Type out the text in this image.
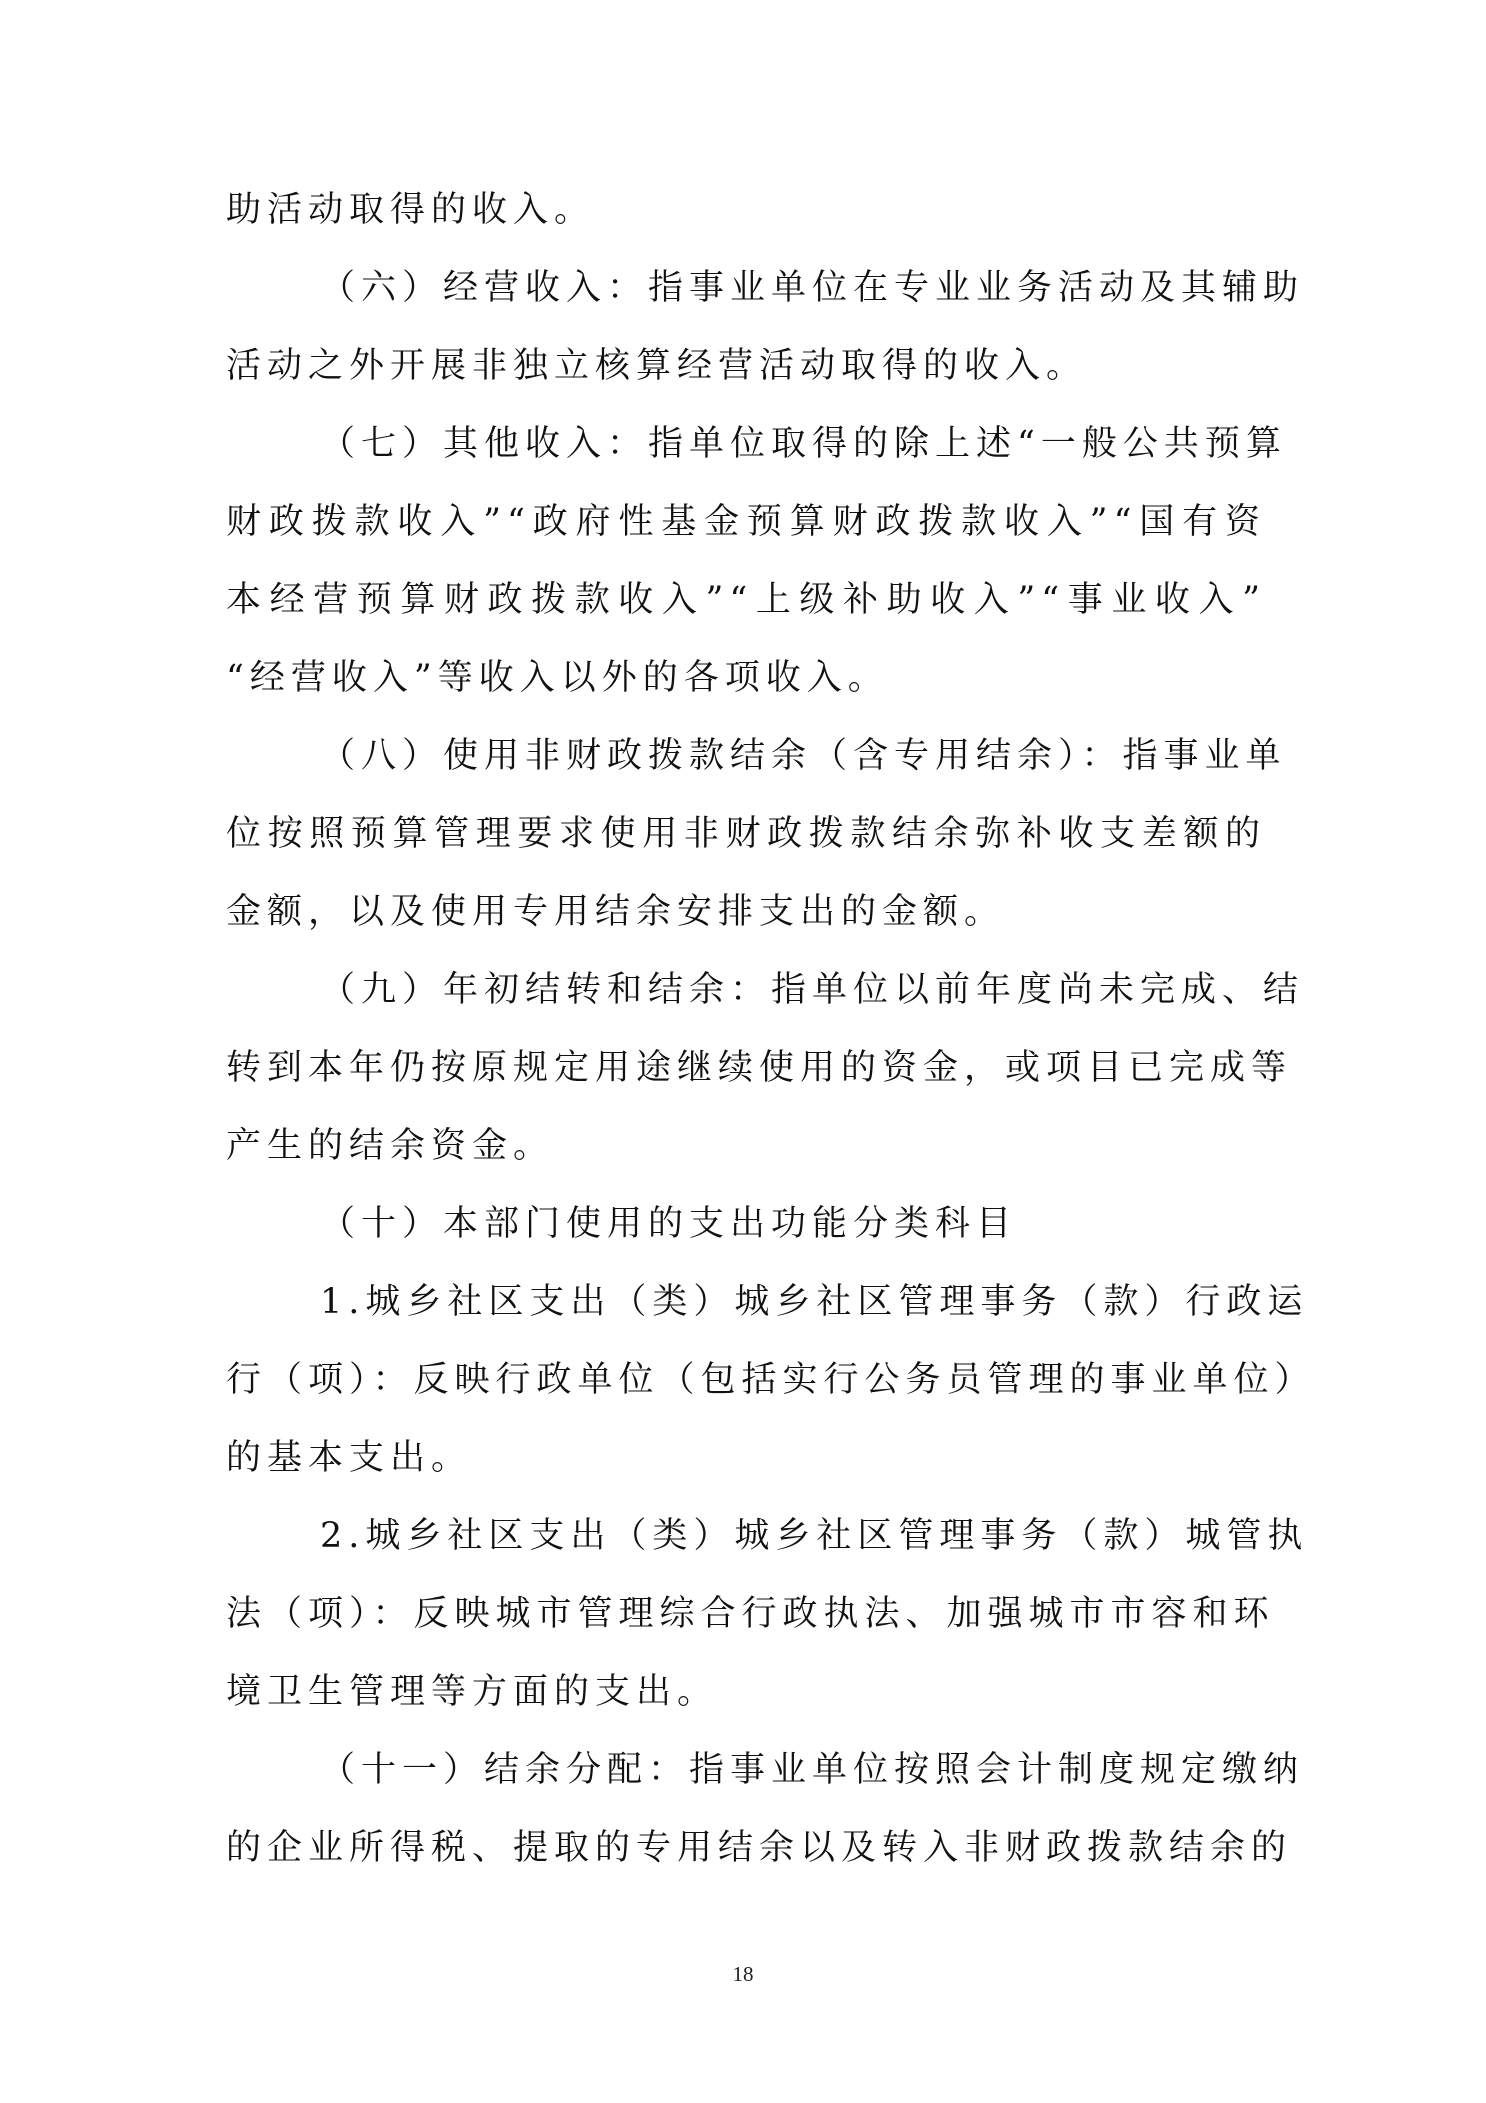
助活动取得的收入。
（六）经营收入：指事业单位在专业业务活动及其辅助
活动之外开展非独立核算经营活动取得的收入。
（七）其他收入：指单位取得的除上述“一般公共预算
财政拨款收入”“政府性基金预算财政拨款收入”“国有资
本经营预算财政拨款收入”“上级补助收入”“事业收入”
“经营收入”等收入以外的各项收入。
（八）使用非财政拨款结余（含专用结余）：指事业单
位按照预算管理要求使用非财政拨款结余弥补收支差额的
金额，以及使用专用结余安排支出的金额。
（九）年初结转和结余：指单位以前年度尚未完成、结
转到本年仍按原规定用途继续使用的资金，或项目已完成等
产生的结余资金。
（十）本部门使用的支出功能分类科目
1.城乡社区支出（类）城乡社区管理事务（款）行政运
行（项）：反映行政单位（包括实行公务员管理的事业单位）
的基本支出。
2.城乡社区支出（类）城乡社区管理事务（款）城管执
法（项）：反映城市管理综合行政执法、加强城市市容和环
境卫生管理等方面的支出。
（十一）结余分配：指事业单位按照会计制度规定缴纳
的企业所得税、提取的专用结余以及转入非财政拨款结余的
18
